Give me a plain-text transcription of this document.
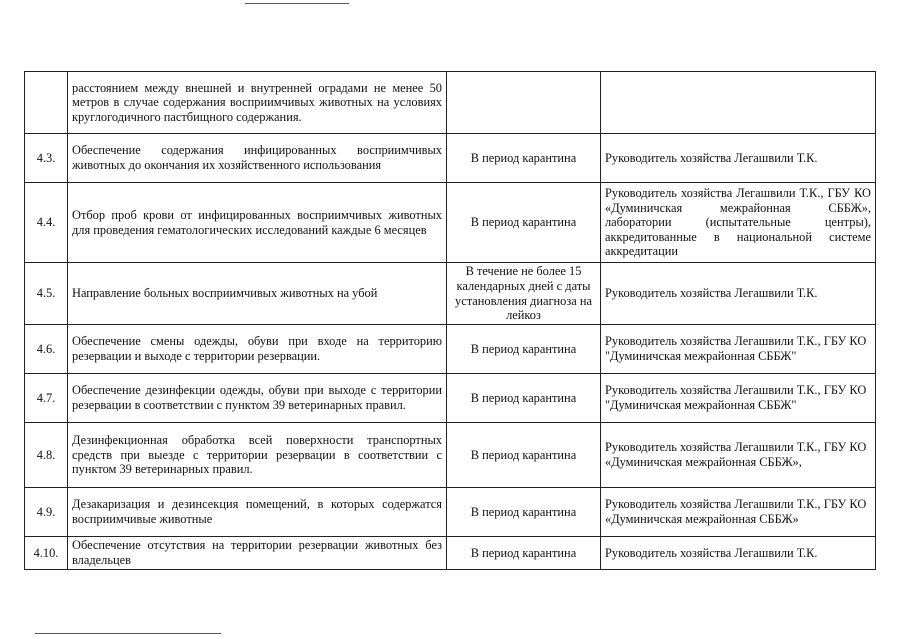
	расстоянием между внешней и внутренней оградами не менее 50 метров в случае содержания восприимчивых животных на условиях круглогодичного пастбищного содержания.		
4.3.	Обеспечение содержания инфицированных восприимчивых животных до окончания их хозяйственного использования	В период карантина	Руководитель хозяйства Легашвили Т.К.
4.4.	Отбор проб крови от инфицированных восприимчивых животных для проведения гематологических исследований каждые 6 месяцев	В период карантина	Руководитель хозяйства Легашвили Т.К., ГБУ КО «Думиничская межрайонная СББЖ», лаборатории (испытательные центры), аккредитованные в национальной системе аккредитации
4.5.	Направление больных восприимчивых животных на убой	В течение не более 15 календарных дней с даты установления диагноза на лейкоз	Руководитель хозяйства Легашвили Т.К.
4.6.	Обеспечение смены одежды, обуви при входе на территорию резервации и выходе с территории резервации.	В период карантина	Руководитель хозяйства Легашвили Т.К., ГБУ КО "Думиничская межрайонная СББЖ"
4.7.	Обеспечение дезинфекции одежды, обуви при выходе с территории резервации в соответствии с пунктом 39 ветеринарных правил.	В период карантина	Руководитель хозяйства Легашвили Т.К., ГБУ КО "Думиничская межрайонная СББЖ"
4.8.	Дезинфекционная обработка всей поверхности транспортных средств при выезде с территории резервации в соответствии с пунктом 39 ветеринарных правил.	В период карантина	Руководитель хозяйства Легашвили Т.К., ГБУ КО «Думиничская межрайонная СББЖ»,
4.9.	Дезакаризация и дезинсекция помещений, в которых содержатся восприимчивые животные	В период карантина	Руководитель хозяйства Легашвили Т.К., ГБУ КО «Думиничская межрайонная СББЖ»
4.10.	Обеспечение отсутствия на территории резервации животных без владельцев	В период карантина	Руководитель хозяйства Легашвили Т.К.
